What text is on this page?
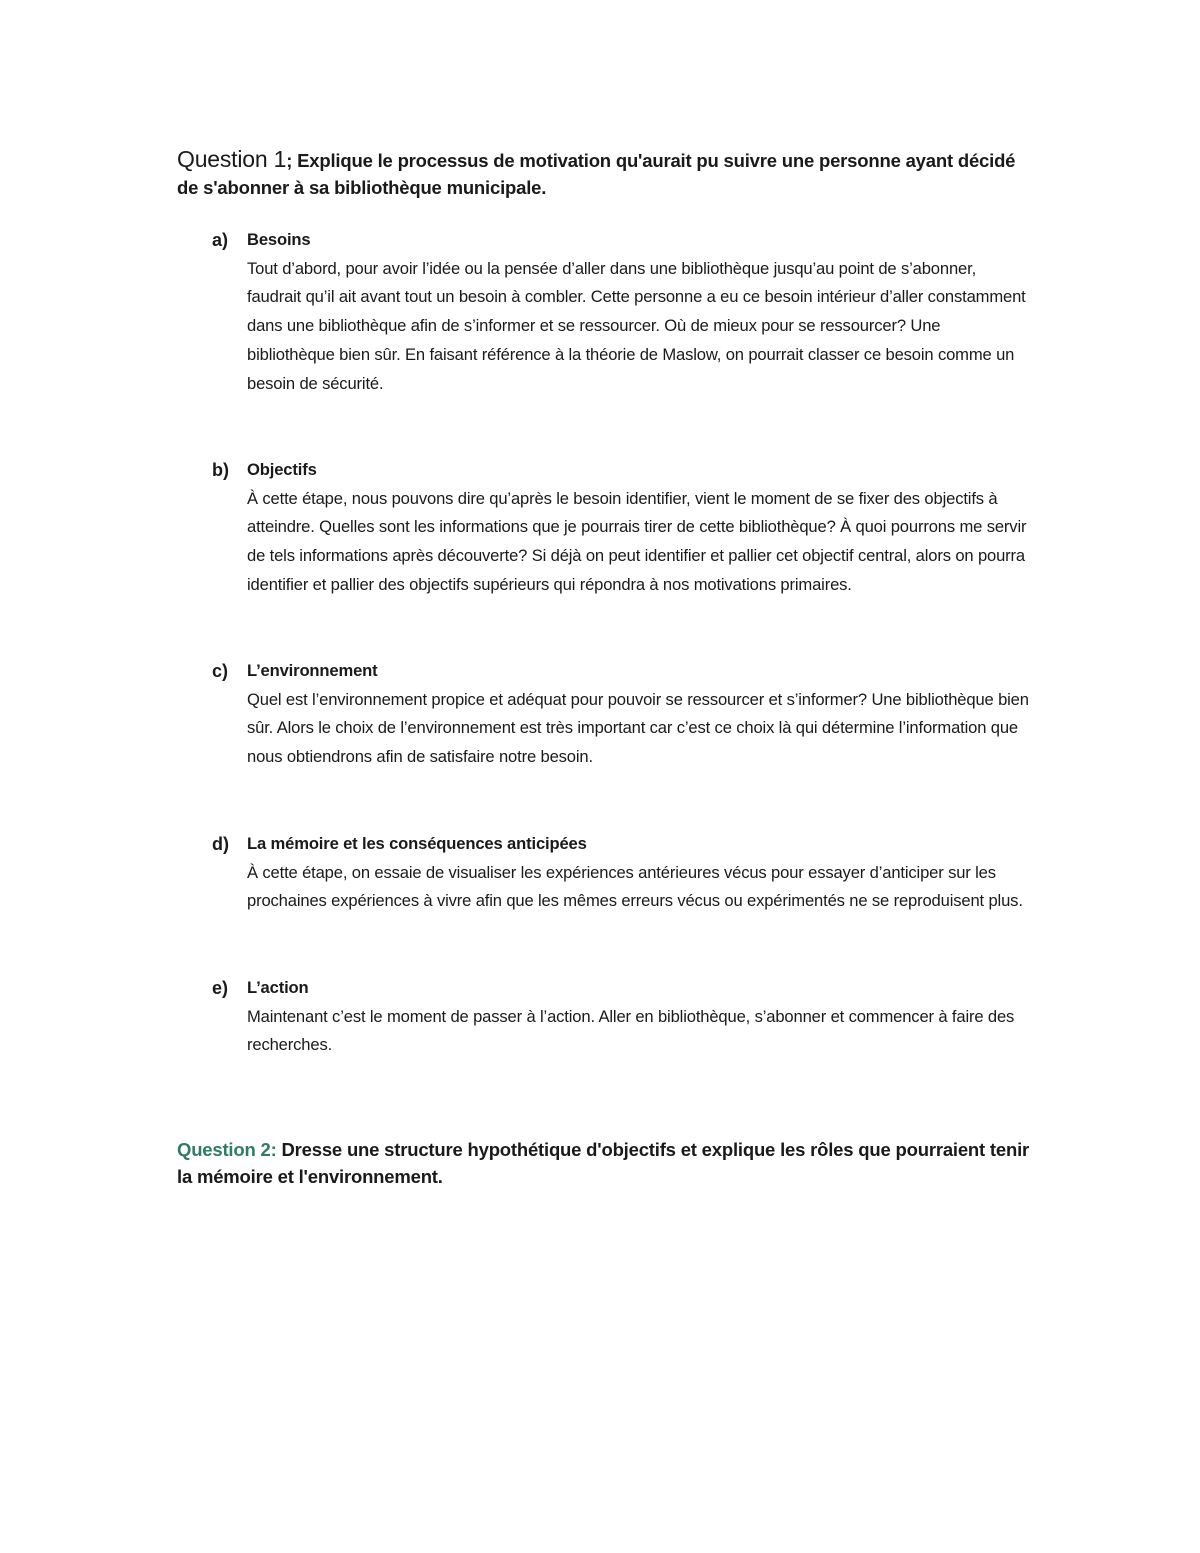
Question 1; Explique le processus de motivation qu'aurait pu suivre une personne ayant décidé de s'abonner à sa bibliothèque municipale.
a) Besoins
Tout d’abord, pour avoir l’idée ou la pensée d’aller dans une bibliothèque jusqu’au point de s’abonner, faudrait qu’il ait avant tout un besoin à combler. Cette personne a eu ce besoin intérieur d’aller constamment dans une bibliothèque afin de s’informer et se ressourcer. Où de mieux pour se ressourcer? Une bibliothèque bien sûr. En faisant référence à la théorie de Maslow, on pourrait classer ce besoin comme un besoin de sécurité.
b) Objectifs
À cette étape, nous pouvons dire qu’après le besoin identifier, vient le moment de se fixer des objectifs à atteindre. Quelles sont les informations que je pourrais tirer de cette bibliothèque? À quoi pourrons me servir de tels informations après découverte? Si déjà on peut identifier et pallier cet objectif central, alors on pourra identifier et pallier des objectifs supérieurs qui répondra à nos motivations primaires.
c) L’environnement
Quel est l’environnement propice et adéquat pour pouvoir se ressourcer et s’informer? Une bibliothèque bien sûr. Alors le choix de l’environnement est très important car c’est ce choix là qui détermine l’information que nous obtiendrons afin de satisfaire notre besoin.
d) La mémoire et les conséquences anticipées
À cette étape, on essaie de visualiser les expériences antérieures vécus pour essayer d’anticiper sur les prochaines expériences à vivre afin que les mêmes erreurs vécus ou expérimentés ne se reproduisent plus.
e) L’action
Maintenant c’est le moment de passer à l’action. Aller en bibliothèque, s’abonner et commencer à faire des recherches.
Question 2: Dresse une structure hypothétique d'objectifs et explique les rôles que pourraient tenir la mémoire et l'environnement.
